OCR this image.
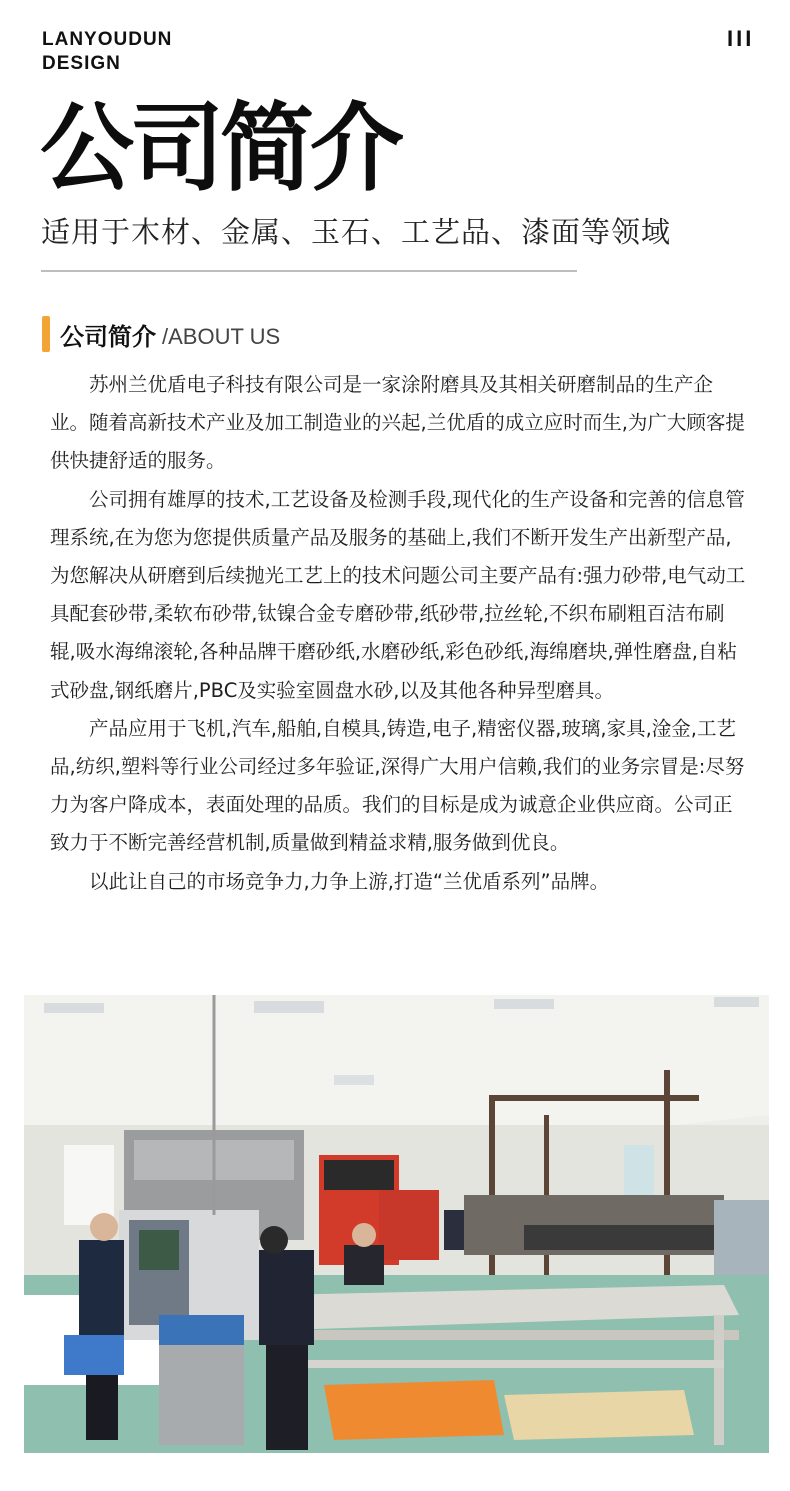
LANYOUDUN
DESIGN
III
公司简介
适用于木材、金属、玉石、工艺品、漆面等领域
公司简介 /ABOUT US

苏州兰优盾电子科技有限公司是一家涂附磨具及其相关研磨制品的生产企业。随着高新技术产业及加工制造业的兴起,兰优盾的成立应时而生,为广大顾客提供快捷舒适的服务。

公司拥有雄厚的技术,工艺设备及检测手段,现代化的生产设备和完善的信息管理系统,在为您为您提供质量产品及服务的基础上,我们不断开发生产出新型产品,为您解决从研磨到后续抛光工艺上的技术问题公司主要产品有:强力砂带,电气动工具配套砂带,柔软布砂带,钛镍合金专磨砂带,纸砂带,拉丝轮,不织布刷粗百洁布刷辊,吸水海绵滚轮,各种品牌干磨砂纸,水磨砂纸,彩色砂纸,海绵磨块,弹性磨盘,自粘式砂盘,钢纸磨片,PBC及实验室圆盘水砂,以及其他各种异型磨具。

产品应用于飞机,汽车,船舶,自模具,铸造,电子,精密仪器,玻璃,家具,淦金,工艺品,纺织,塑料等行业公司经过多年验证,深得广大用户信赖,我们的业务宗冒是:尽努力为客户降成本，表面处理的品质。我们的目标是成为诚意企业供应商。公司正致力于不断完善经营机制,质量做到精益求精,服务做到优良。

以此让自己的市场竞争力,力争上游,打造“兰优盾系列”品牌。
